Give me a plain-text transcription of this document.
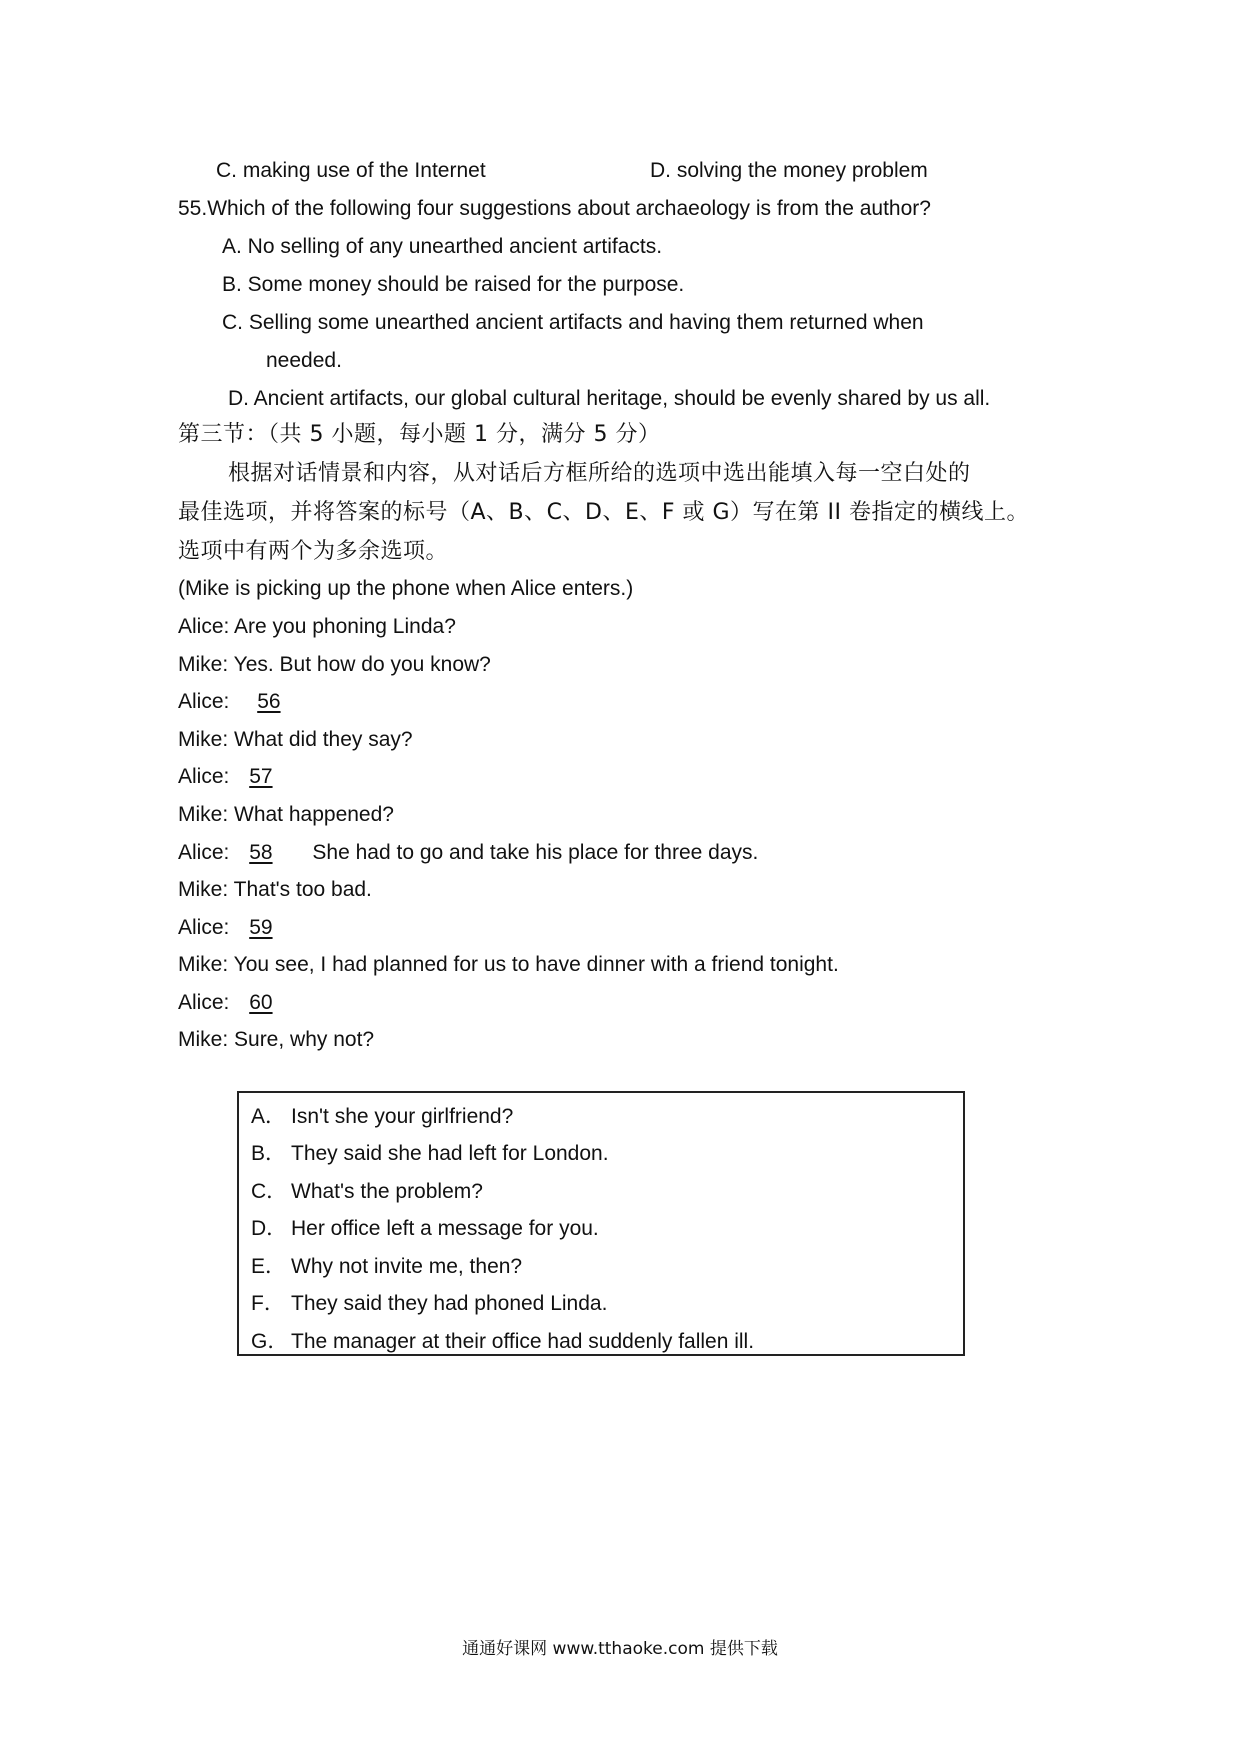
C. making use of the Internet	D. solving the money problem
55.Which of the following four suggestions about archaeology is from the author?
A. No selling of any unearthed ancient artifacts.
B. Some money should be raised for the purpose.
C. Selling some unearthed ancient artifacts and having them returned when
needed.
D. Ancient artifacts, our global cultural heritage, should be evenly shared by us all.
第三节：（共 5 小题，每小题 1 分，满分 5 分）
根据对话情景和内容，从对话后方框所给的选项中选出能填入每一空白处的
最佳选项，并将答案的标号（A、B、C、D、E、F 或 G）写在第 II 卷指定的横线上。
选项中有两个为多余选项。
(Mike is picking up the phone when Alice enters.)
Alice: Are you phoning Linda?
Mike: Yes. But how do you know?
Alice: 56
Mike: What did they say?
Alice: 57
Mike: What happened?
Alice: 58 She had to go and take his place for three days.
Mike: That's too bad.
Alice: 59
Mike: You see, I had planned for us to have dinner with a friend tonight.
Alice: 60
Mike: Sure, why not?
A． Isn't she your girlfriend?
B． They said she had left for London.
C． What's the problem?
D． Her office left a message for you.
E． Why not invite me, then?
F． They said they had phoned Linda.
G． The manager at their office had suddenly fallen ill.
通通好课网 www.tthaoke.com 提供下载
